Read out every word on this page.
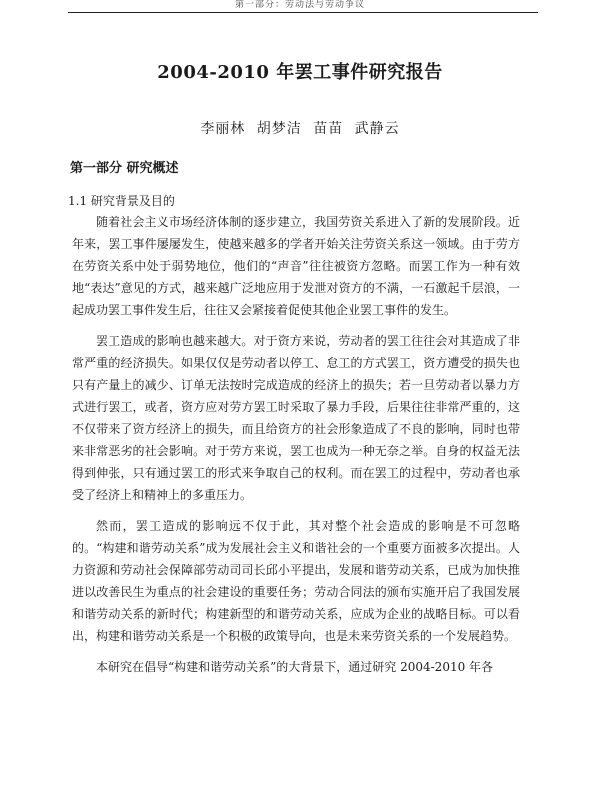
第一部分：劳动法与劳动争议
2004-2010 年罢工事件研究报告
李丽林 胡梦洁 苗苗 武静云
第一部分 研究概述
1.1 研究背景及目的

随着社会主义市场经济体制的逐步建立，我国劳资关系进入了新的发展阶段。近年来，罢工事件屡屡发生，使越来越多的学者开始关注劳资关系这一领域。由于劳方在劳资关系中处于弱势地位，他们的“声音”往往被资方忽略。而罢工作为一种有效地“表达”意见的方式，越来越广泛地应用于发泄对资方的不满，一石激起千层浪，一起成功罢工事件发生后，往往又会紧接着促使其他企业罢工事件的发生。

罢工造成的影响也越来越大。对于资方来说，劳动者的罢工往往会对其造成了非常严重的经济损失。如果仅仅是劳动者以停工、怠工的方式罢工，资方遭受的损失也只有产量上的减少、订单无法按时完成造成的经济上的损失；若一旦劳动者以暴力方式进行罢工，或者，资方应对劳方罢工时采取了暴力手段，后果往往非常严重的，这不仅带来了资方经济上的损失，而且给资方的社会形象造成了不良的影响，同时也带来非常恶劣的社会影响。对于劳方来说，罢工也成为一种无奈之举。自身的权益无法得到伸张，只有通过罢工的形式来争取自己的权利。而在罢工的过程中，劳动者也承受了经济上和精神上的多重压力。

然而，罢工造成的影响远不仅于此，其对整个社会造成的影响是不可忽略的。“构建和谐劳动关系”成为发展社会主义和谐社会的一个重要方面被多次提出。人力资源和劳动社会保障部劳动司司长邱小平提出，发展和谐劳动关系，已成为加快推进以改善民生为重点的社会建设的重要任务；劳动合同法的颁布实施开启了我国发展和谐劳动关系的新时代；构建新型的和谐劳动关系，应成为企业的战略目标。可以看出，构建和谐劳动关系是一个积极的政策导向，也是未来劳资关系的一个发展趋势。

本研究在倡导“构建和谐劳动关系”的大背景下，通过研究 2004-2010 年各
